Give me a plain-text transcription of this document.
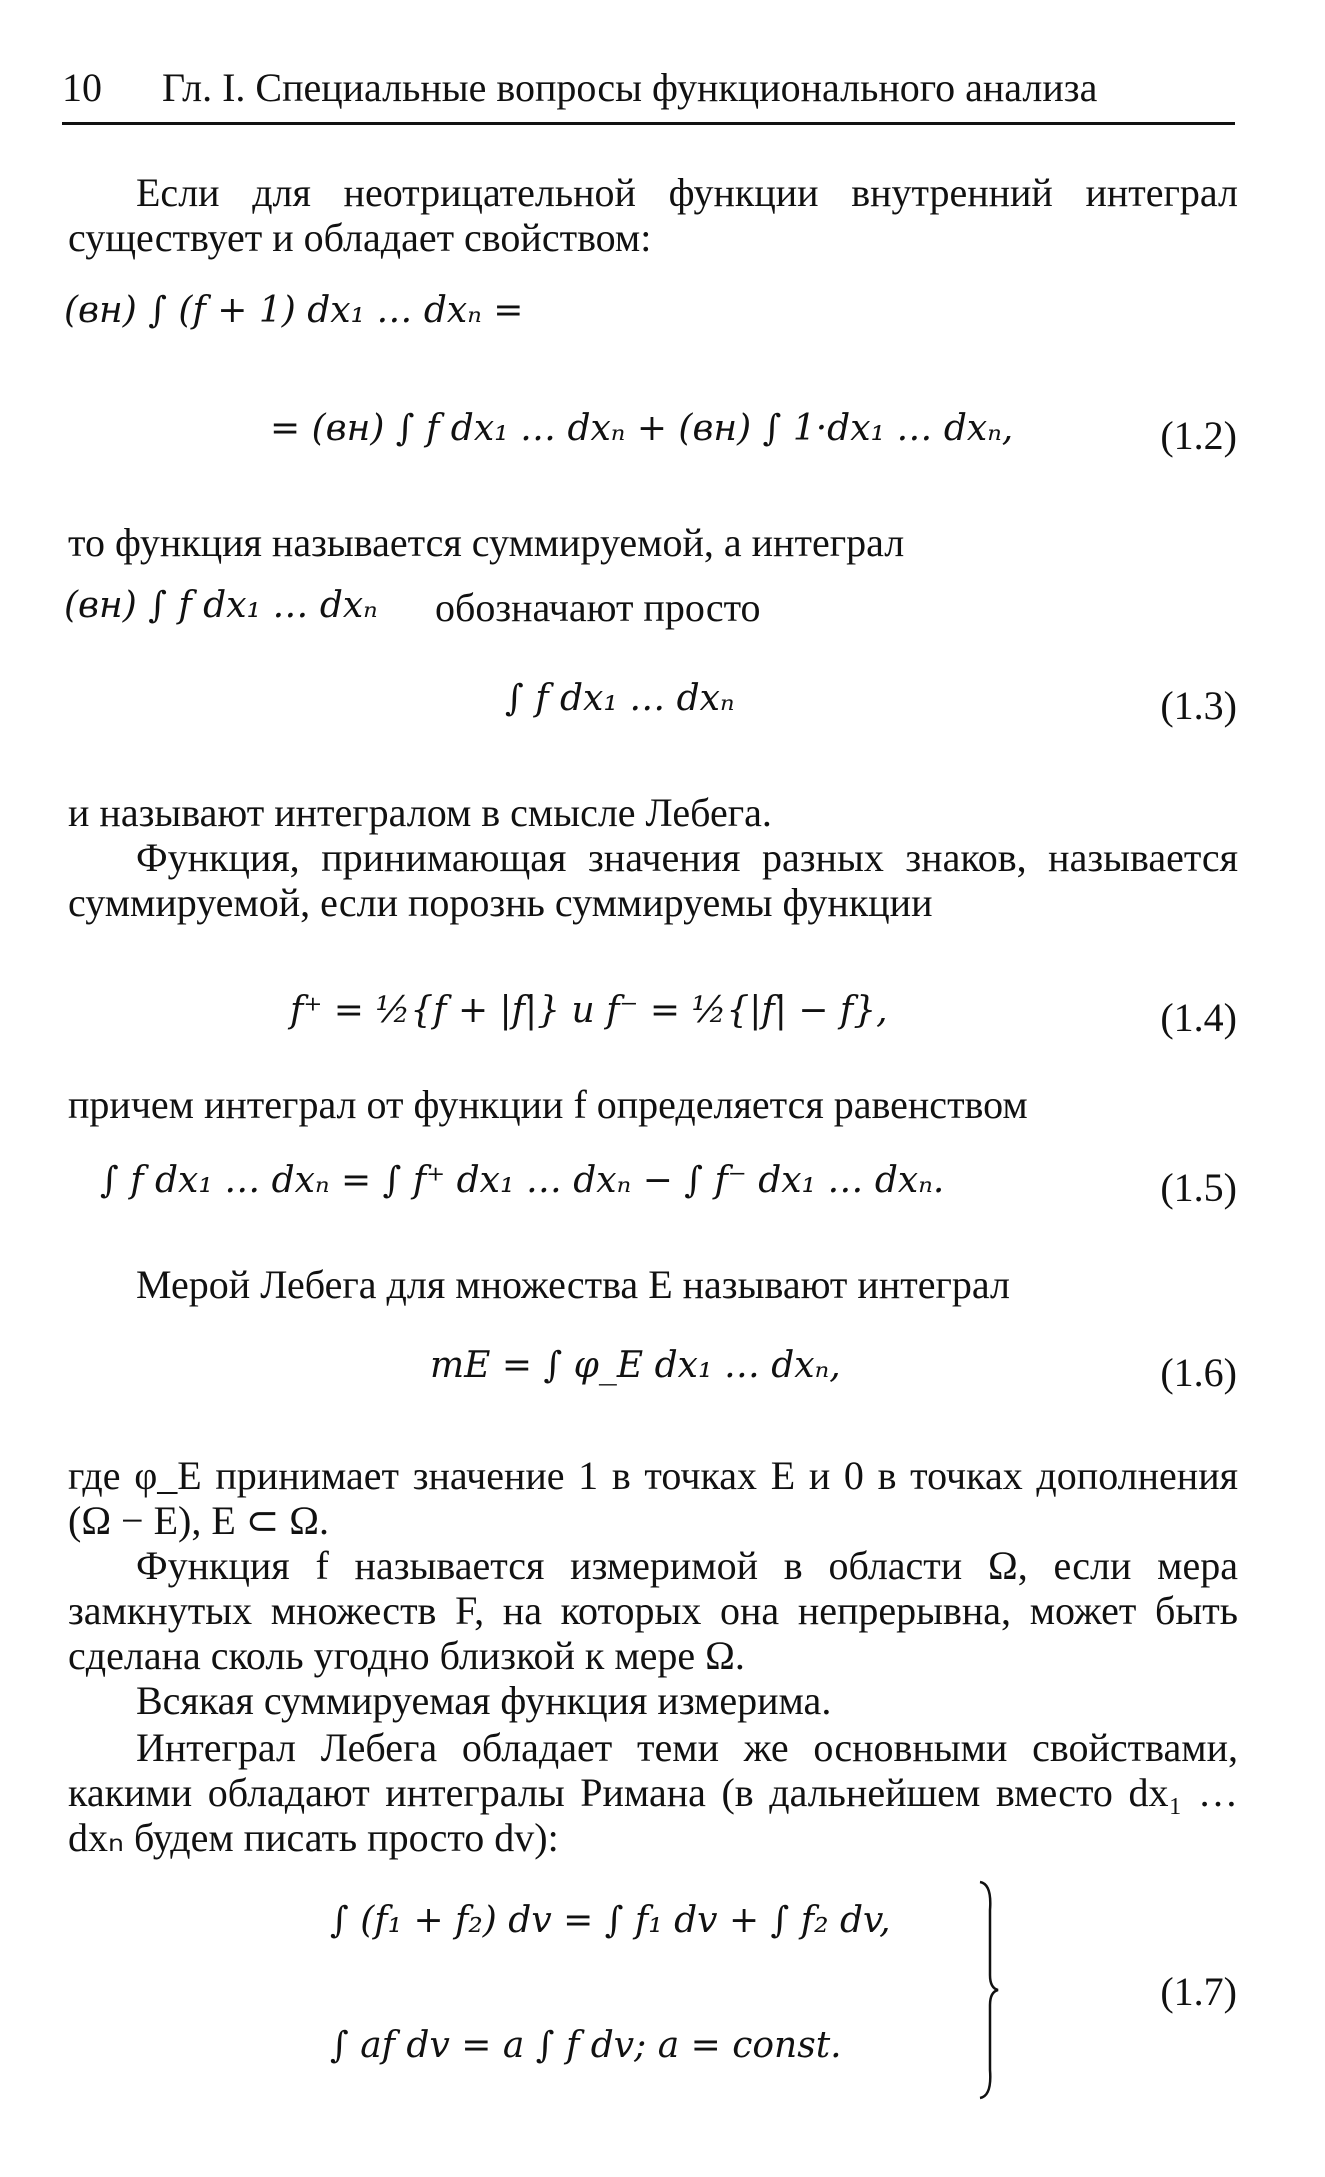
10 Гл. I. Специальные вопросы функционального анализа
Если для неотрицательной функции внутренний интеграл существует и обладает свойством:
(вн) ∫ (f + 1) dx₁ … dxₙ =
= (вн) ∫ f dx₁ … dxₙ + (вн) ∫ 1·dx₁ … dxₙ,	(1.2)
то функция называется суммируемой, а интеграл
(вн) ∫ f dx₁ … dxₙ обозначают просто
∫ f dx₁ … dxₙ	(1.3)
и называют интегралом в смысле Лебега.
Функция, принимающая значения разных знаков, называется суммируемой, если порознь суммируемы функции
f⁺ = ½{f + |f|} и f⁻ = ½{|f| − f},	(1.4)
причем интеграл от функции f определяется равенством
∫ f dx₁ … dxₙ = ∫ f⁺ dx₁ … dxₙ − ∫ f⁻ dx₁ … dxₙ.	(1.5)
Мерой Лебега для множества E называют интеграл
mE = ∫ φ_E dx₁ … dxₙ,	(1.6)
где φ_E принимает значение 1 в точках E и 0 в точках дополнения (Ω − E), E ⊂ Ω.
Функция f называется измеримой в области Ω, если мера замкнутых множеств F, на которых она непрерывна, может быть сделана сколь угодно близкой к мере Ω.
Всякая суммируемая функция измерима.
Интеграл Лебега обладает теми же основными свойствами, какими обладают интегралы Римана (в дальнейшем вместо dx₁ … dxₙ будем писать просто dv):
∫ (f₁ + f₂) dv = ∫ f₁ dv + ∫ f₂ dv,
∫ af dv = a ∫ f dv; a = const.
(1.7)
